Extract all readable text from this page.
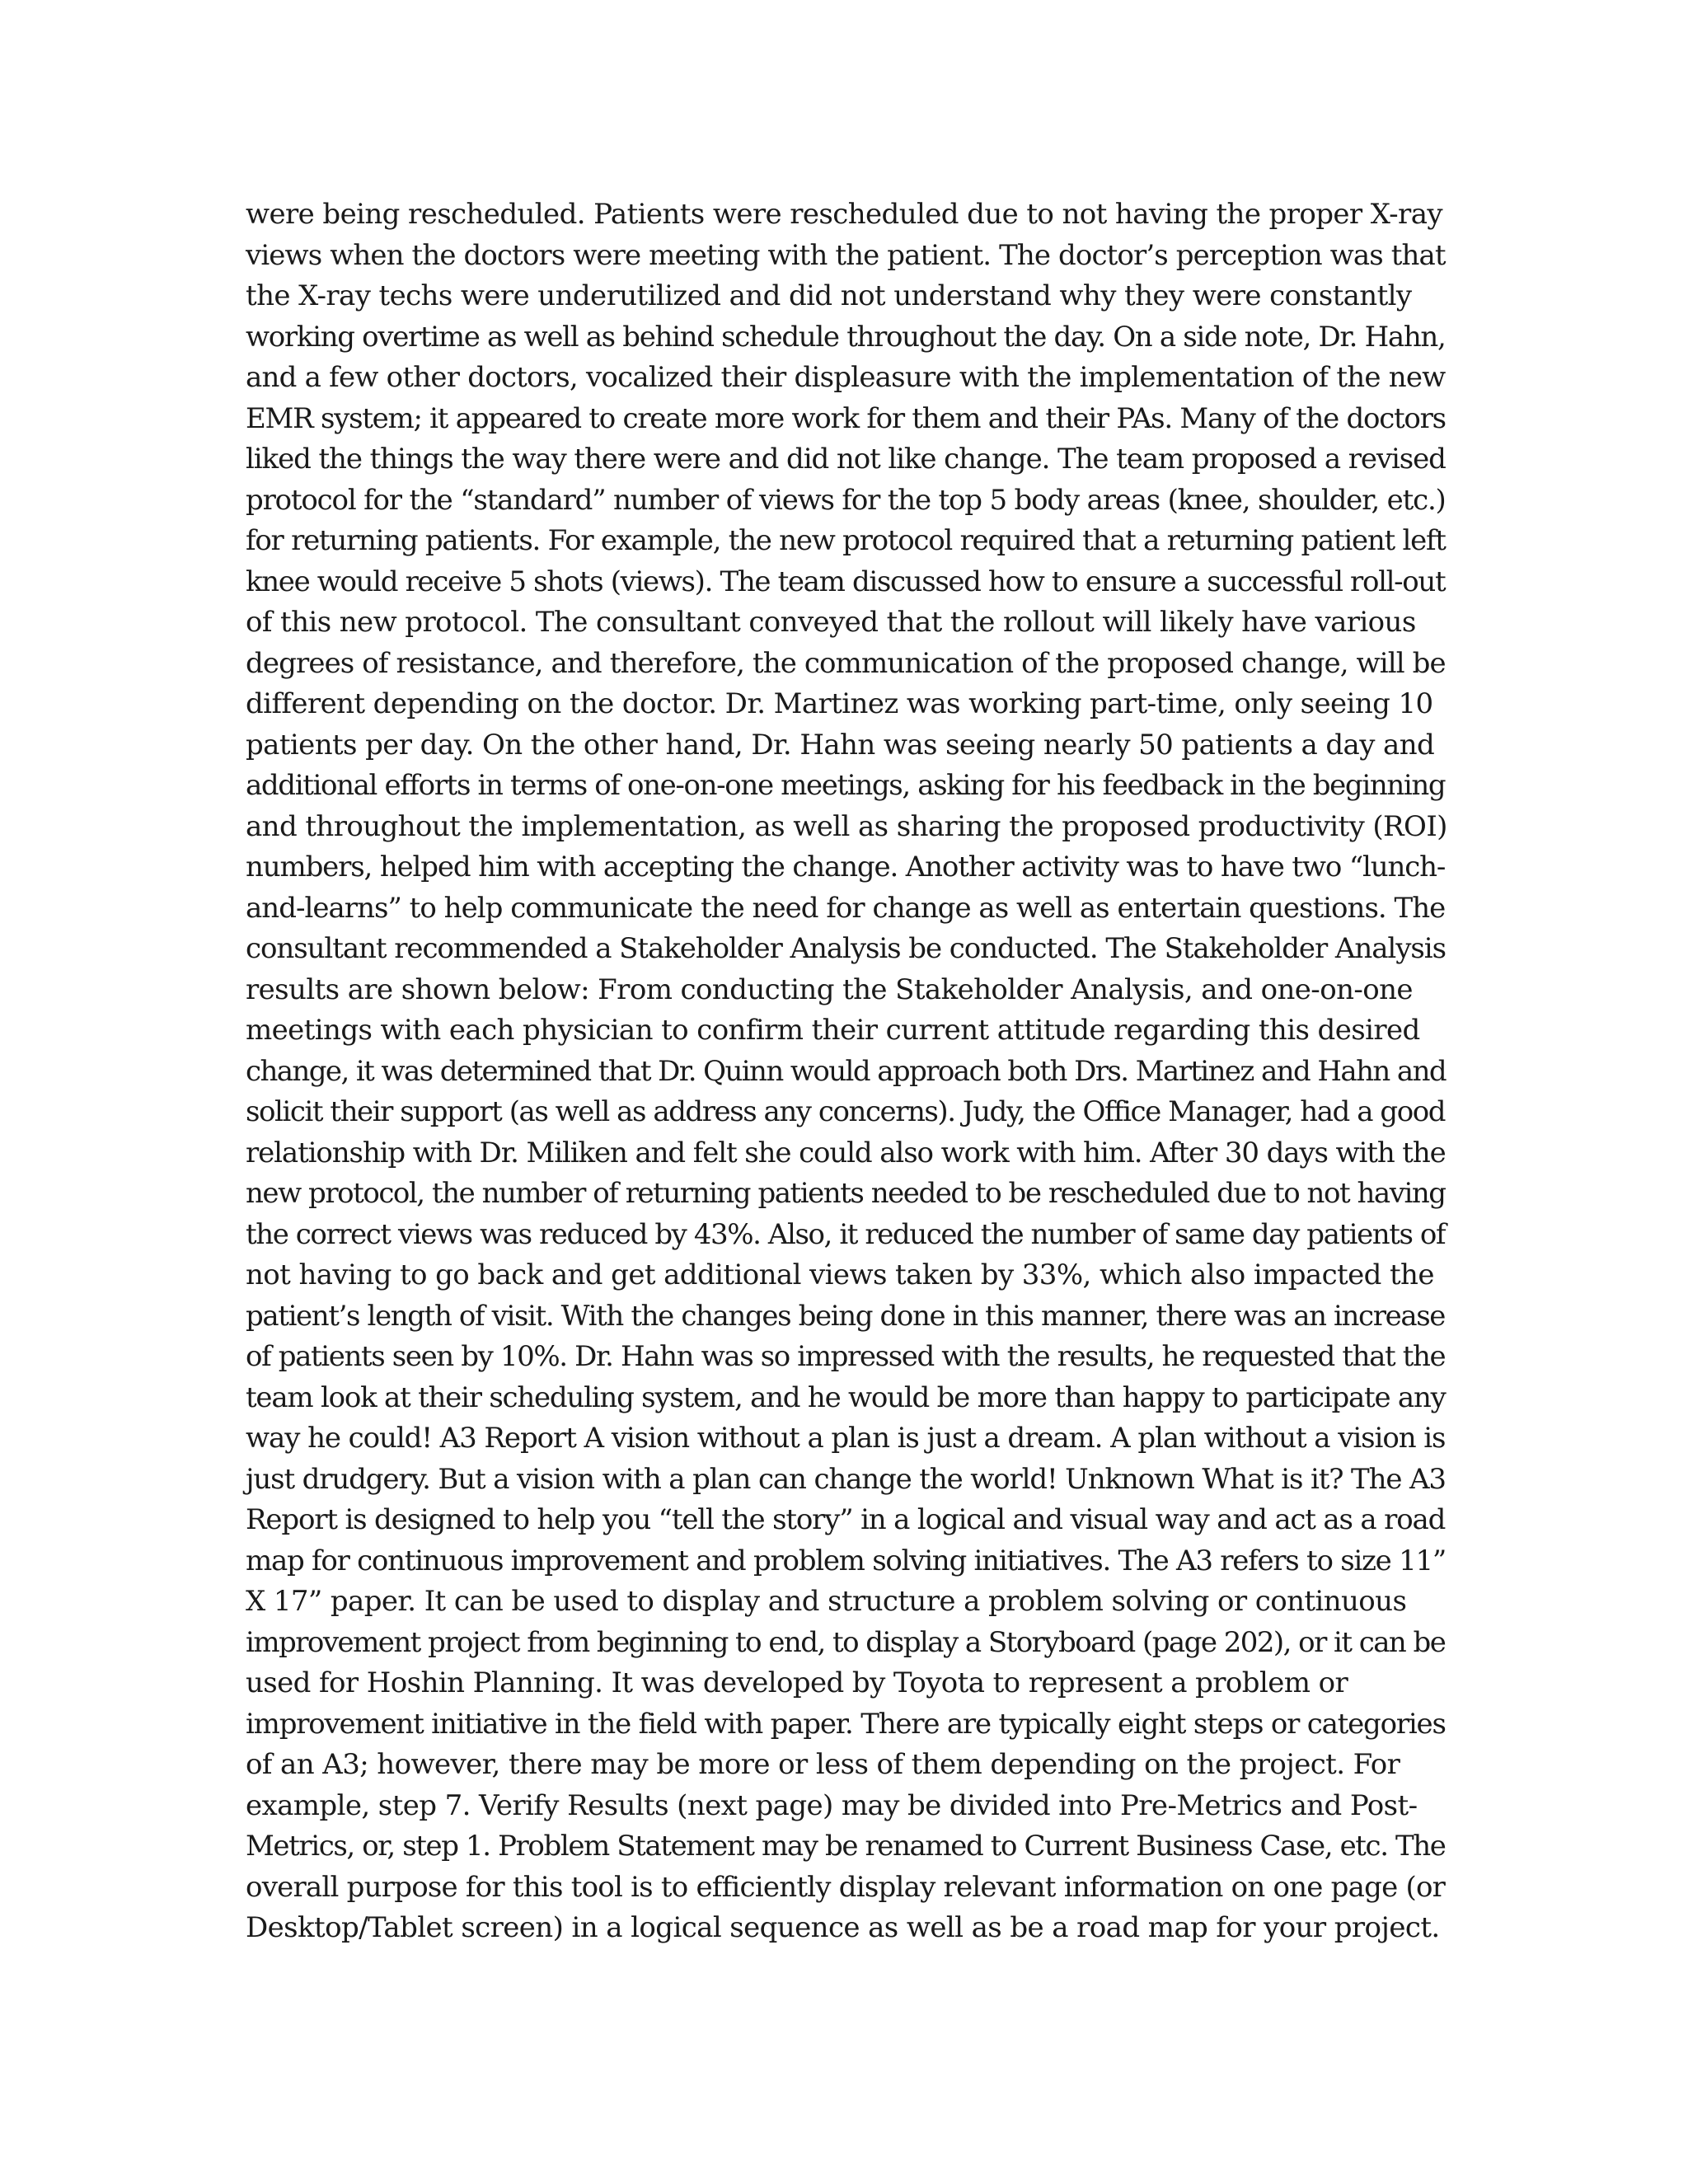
were being rescheduled. Patients were rescheduled due to not having the proper X-ray
views when the doctors were meeting with the patient. The doctor’s perception was that
the X-ray techs were underutilized and did not understand why they were constantly
working overtime as well as behind schedule throughout the day. On a side note, Dr. Hahn,
and a few other doctors, vocalized their displeasure with the implementation of the new
EMR system; it appeared to create more work for them and their PAs. Many of the doctors
liked the things the way there were and did not like change. The team proposed a revised
protocol for the “standard” number of views for the top 5 body areas (knee, shoulder, etc.)
for returning patients. For example, the new protocol required that a returning patient left
knee would receive 5 shots (views). The team discussed how to ensure a successful roll-out
of this new protocol. The consultant conveyed that the rollout will likely have various
degrees of resistance, and therefore, the communication of the proposed change, will be
different depending on the doctor. Dr. Martinez was working part-time, only seeing 10
patients per day. On the other hand, Dr. Hahn was seeing nearly 50 patients a day and
additional efforts in terms of one-on-one meetings, asking for his feedback in the beginning
and throughout the implementation, as well as sharing the proposed productivity (ROI)
numbers, helped him with accepting the change. Another activity was to have two “lunch-
and-learns” to help communicate the need for change as well as entertain questions. The
consultant recommended a Stakeholder Analysis be conducted. The Stakeholder Analysis
results are shown below: From conducting the Stakeholder Analysis, and one-on-one
meetings with each physician to confirm their current attitude regarding this desired
change, it was determined that Dr. Quinn would approach both Drs. Martinez and Hahn and
solicit their support (as well as address any concerns). Judy, the Office Manager, had a good
relationship with Dr. Miliken and felt she could also work with him. After 30 days with the
new protocol, the number of returning patients needed to be rescheduled due to not having
the correct views was reduced by 43%. Also, it reduced the number of same day patients of
not having to go back and get additional views taken by 33%, which also impacted the
patient’s length of visit. With the changes being done in this manner, there was an increase
of patients seen by 10%. Dr. Hahn was so impressed with the results, he requested that the
team look at their scheduling system, and he would be more than happy to participate any
way he could! A3 Report A vision without a plan is just a dream. A plan without a vision is
just drudgery. But a vision with a plan can change the world! Unknown What is it? The A3
Report is designed to help you “tell the story” in a logical and visual way and act as a road
map for continuous improvement and problem solving initiatives. The A3 refers to size 11”
X 17” paper. It can be used to display and structure a problem solving or continuous
improvement project from beginning to end, to display a Storyboard (page 202), or it can be
used for Hoshin Planning. It was developed by Toyota to represent a problem or
improvement initiative in the field with paper. There are typically eight steps or categories
of an A3; however, there may be more or less of them depending on the project. For
example, step 7. Verify Results (next page) may be divided into Pre-Metrics and Post-
Metrics, or, step 1. Problem Statement may be renamed to Current Business Case, etc. The
overall purpose for this tool is to efficiently display relevant information on one page (or
Desktop/Tablet screen) in a logical sequence as well as be a road map for your project.
